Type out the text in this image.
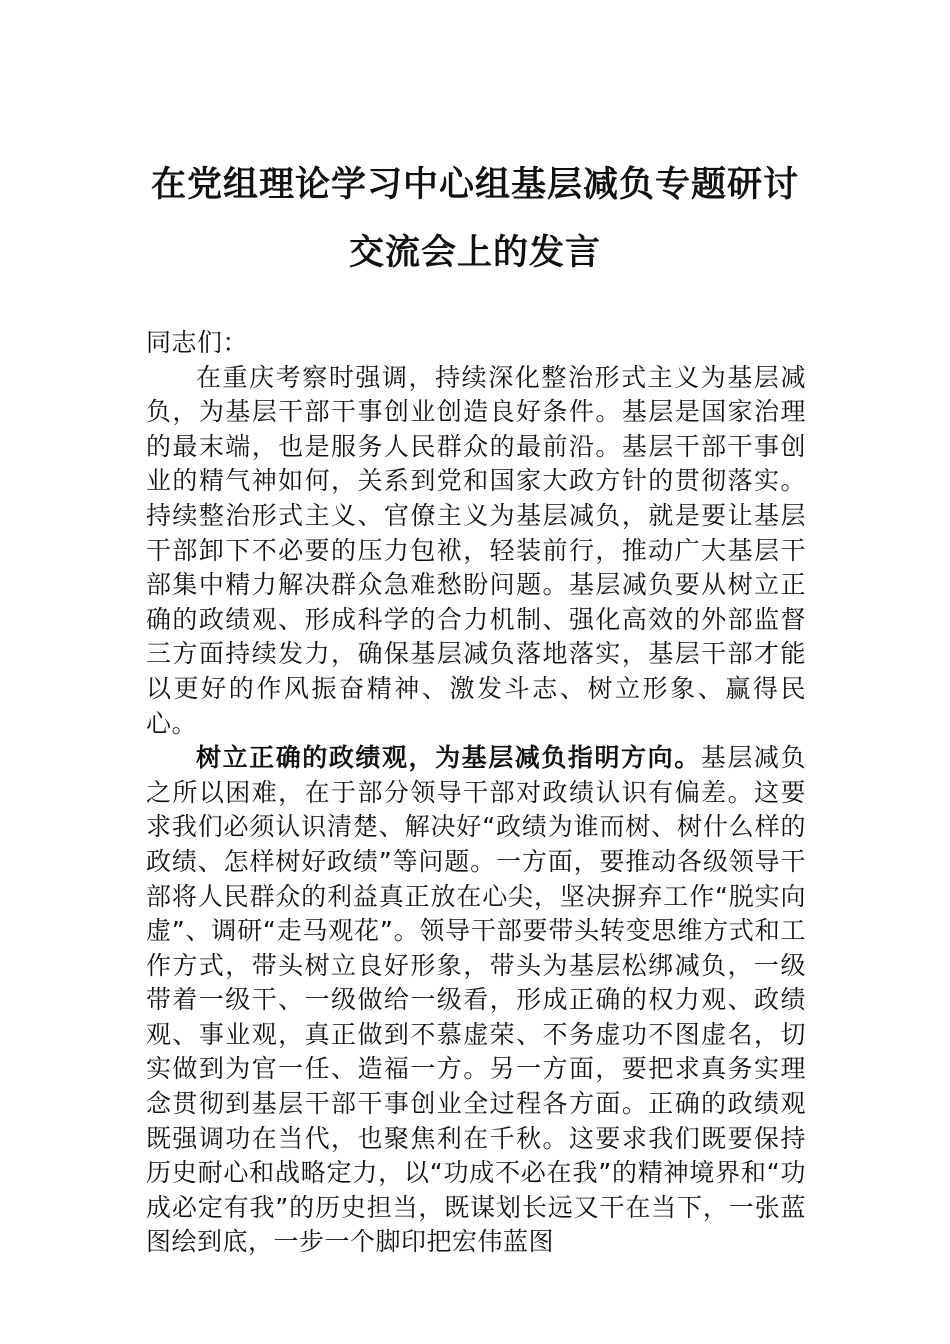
在党组理论学习中心组基层减负专题研讨
交流会上的发言

同志们：

在重庆考察时强调，持续深化整治形式主义为基层减负，为基层干部干事创业创造良好条件。基层是国家治理的最末端，也是服务人民群众的最前沿。基层干部干事创业的精气神如何，关系到党和国家大政方针的贯彻落实。持续整治形式主义、官僚主义为基层减负，就是要让基层干部卸下不必要的压力包袱，轻装前行，推动广大基层干部集中精力解决群众急难愁盼问题。基层减负要从树立正确的政绩观、形成科学的合力机制、强化高效的外部监督三方面持续发力，确保基层减负落地落实，基层干部才能以更好的作风振奋精神、激发斗志、树立形象、赢得民心。

树立正确的政绩观，为基层减负指明方向。基层减负之所以困难，在于部分领导干部对政绩认识有偏差。这要求我们必须认识清楚、解决好“政绩为谁而树、树什么样的政绩、怎样树好政绩”等问题。一方面，要推动各级领导干部将人民群众的利益真正放在心尖，坚决摒弃工作“脱实向虚”、调研“走马观花”。领导干部要带头转变思维方式和工作方式，带头树立良好形象，带头为基层松绑减负，一级带着一级干、一级做给一级看，形成正确的权力观、政绩观、事业观，真正做到不慕虚荣、不务虚功不图虚名，切实做到为官一任、造福一方。另一方面，要把求真务实理念贯彻到基层干部干事创业全过程各方面。正确的政绩观既强调功在当代，也聚焦利在千秋。这要求我们既要保持历史耐心和战略定力，以“功成不必在我”的精神境界和“功成必定有我”的历史担当，既谋划长远又干在当下，一张蓝图绘到底，一步一个脚印把宏伟蓝图
